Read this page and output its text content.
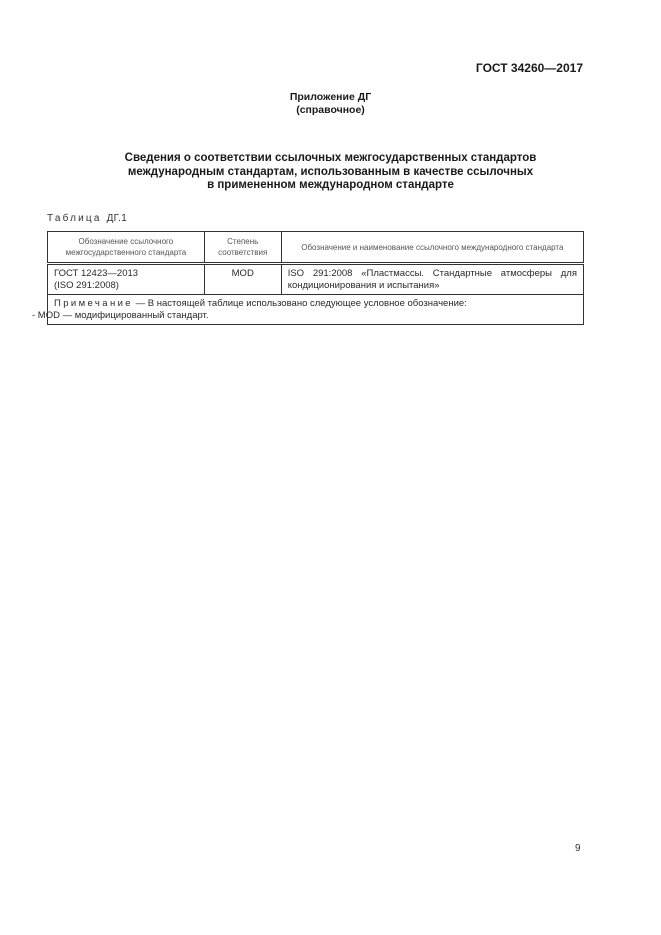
ГОСТ 34260—2017
Приложение ДГ
(справочное)
Сведения о соответствии ссылочных межгосударственных стандартов
международным стандартам, использованным в качестве ссылочных
в примененном международном стандарте
Таблица ДГ.1
Обозначение ссылочного межгосударственного стандарта	Степень соответствия	Обозначение и наименование ссылочного международного стандарта

ГОСТ 12423—2013
(ISO 291:2008)	MOD	ISO 291:2008 «Пластмассы. Стандартные атмосферы для кондиционирования и испытания»
Примечание — В настоящей таблице использовано следующее условное обозначение:
- MOD — модифицированный стандарт.		
9
